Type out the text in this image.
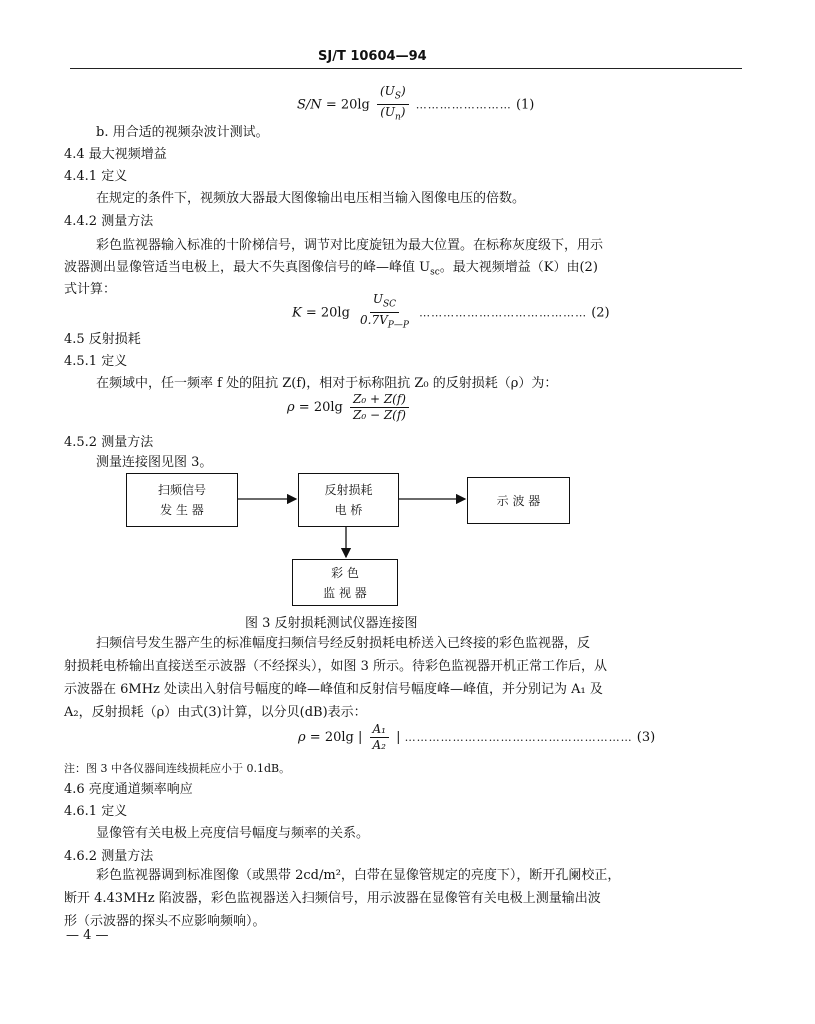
SJ/T 10604—94
$S/N = 20\lg \frac{(U_S)}{(U_n)}$ …………………… (1)
b. 用合适的视频杂波计测试。
4.4 最大视频增益
4.4.1 定义
在规定的条件下，视频放大器最大图像输出电压相当输入图像电压的倍数。
4.4.2 测量方法
彩色监视器输入标准的十阶梯信号，调节对比度旋钮为最大位置。在标称灰度级下，用示
波器测出显像管适当电极上，最大不失真图像信号的峰—峰值 $U_{sc}$。最大视频增益（K）由(2)
式计算：
$K = 20\lg \frac{U_{SC}}{0.7V_{P—P}}$ …………………………………… (2)
4.5 反射损耗
4.5.1 定义
在频域中，任一频率 f 处的阻抗 Z(f)，相对于标称阻抗 Z₀ 的反射损耗（ρ）为：
$\rho = 20\lg \frac{\text{Z₀ + Z(f)}}{\text{Z₀ − Z(f)}}$
4.5.2 测量方法
测量连接图见图 3。
扫频信号
发 生 器
反射损耗
电 桥
示 波 器
彩 色
监 视 器
图 3 反射损耗测试仪器连接图
扫频信号发生器产生的标准幅度扫频信号经反射损耗电桥送入已终接的彩色监视器，反
射损耗电桥输出直接送至示波器（不经探头），如图 3 所示。待彩色监视器开机正常工作后，从
示波器在 6MHz 处读出入射信号幅度的峰—峰值和反射信号幅度峰—峰值，并分别记为 A₁ 及
A₂，反射损耗（ρ）由式(3)计算，以分贝(dB)表示：
ρ = 20lg | $\frac{\text{A₁}}{\text{A₂}}$ | ………………………………………………… (3)
注：图 3 中各仪器间连线损耗应小于 0.1dB。
4.6 亮度通道频率响应
4.6.1 定义
显像管有关电极上亮度信号幅度与频率的关系。
4.6.2 测量方法
彩色监视器调到标准图像（或黑带 2cd/m²，白带在显像管规定的亮度下），断开孔阑校正，
断开 4.43MHz 陷波器，彩色监视器送入扫频信号，用示波器在显像管有关电极上测量输出波
形（示波器的探头不应影响频响）。
— 4 —
